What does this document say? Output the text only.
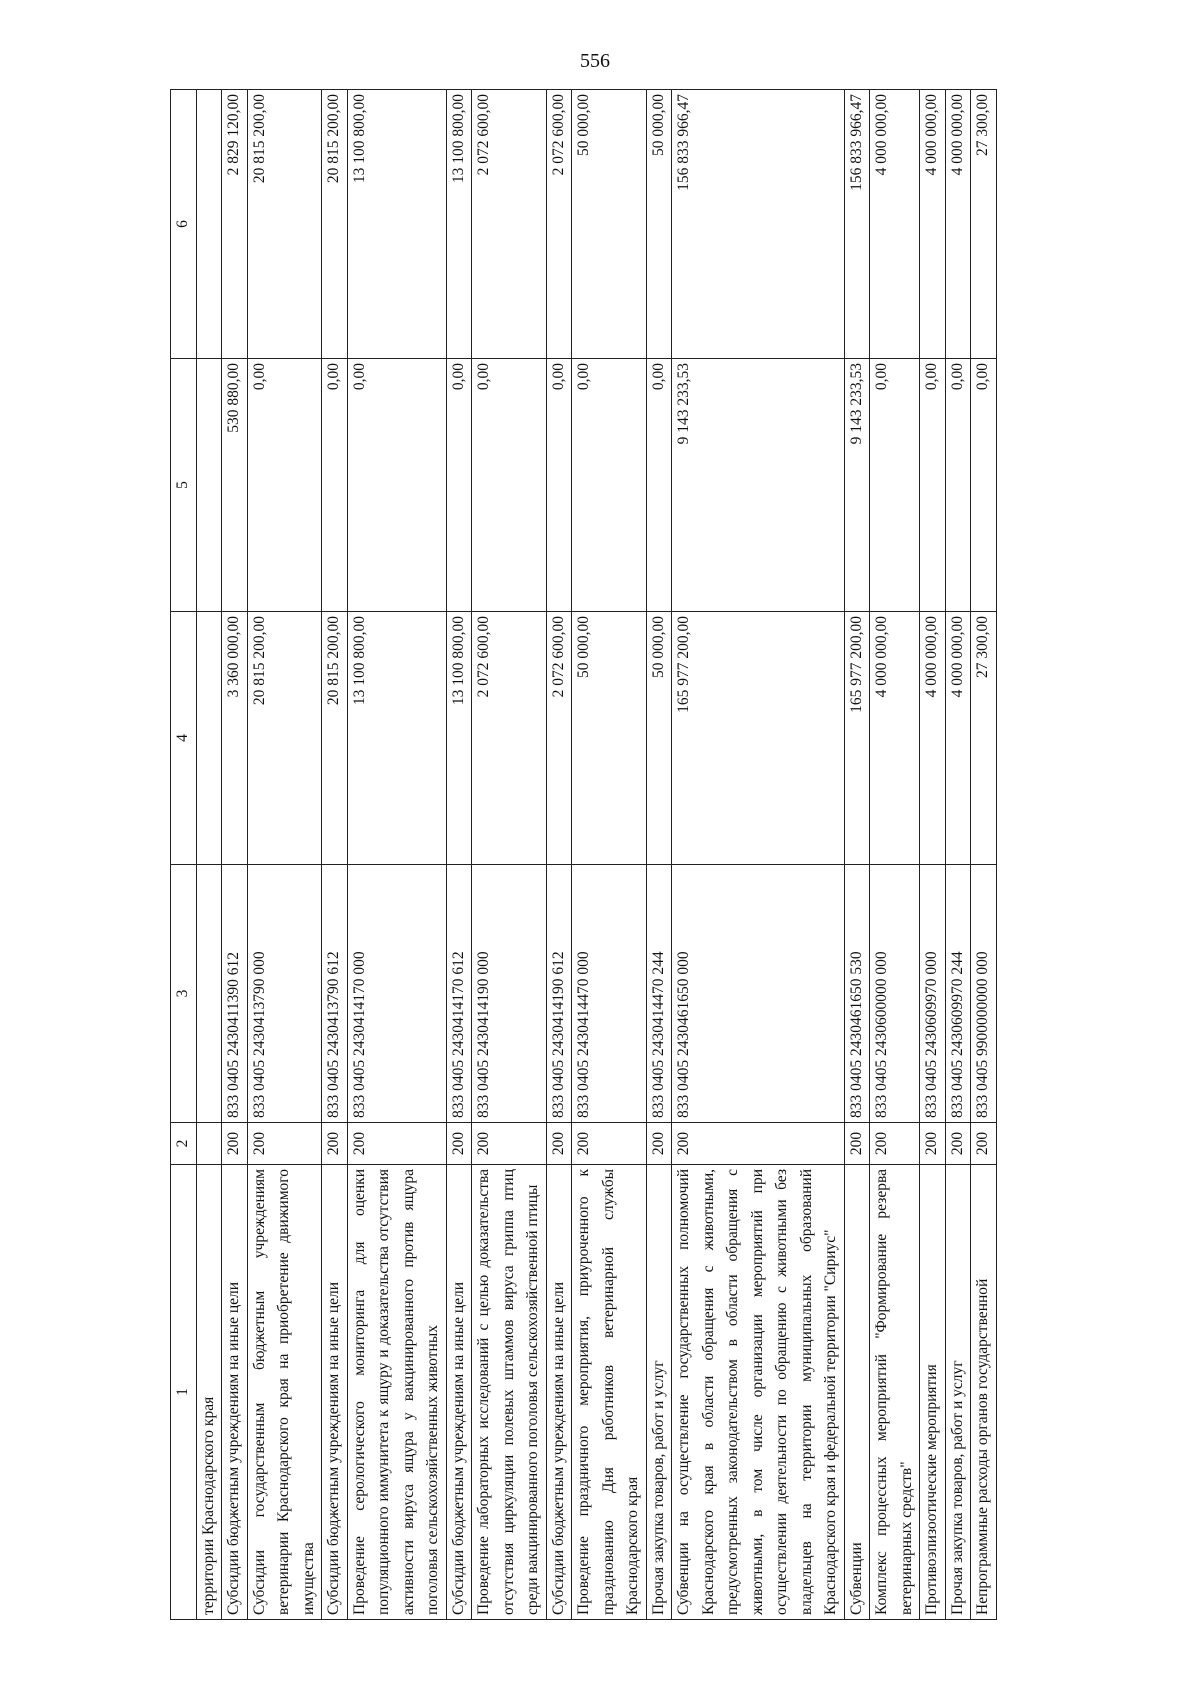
556
1	2	3	4	5	6
территории Краснодарского края					
Субсидии бюджетным учреждениям на иные цели	200	833 0405 2430411390 612	3 360 000,00	530 880,00	2 829 120,00
Субсидии государственным бюджетным учреждениям ветеринарии Краснодарского края на приобретение движимого имущества	200	833 0405 2430413790 000	20 815 200,00	0,00	20 815 200,00
Субсидии бюджетным учреждениям на иные цели	200	833 0405 2430413790 612	20 815 200,00	0,00	20 815 200,00
Проведение серологического мониторинга для оценки популяционного иммунитета к ящуру и доказательства отсутствия активности вируса ящура у вакцинированного против ящура поголовья сельскохозяйственных животных	200	833 0405 2430414170 000	13 100 800,00	0,00	13 100 800,00
Субсидии бюджетным учреждениям на иные цели	200	833 0405 2430414170 612	13 100 800,00	0,00	13 100 800,00
Проведение лабораторных исследований с целью доказательства отсутствия циркуляции полевых штаммов вируса гриппа птиц среди вакцинированного поголовья сельскохозяйственной птицы	200	833 0405 2430414190 000	2 072 600,00	0,00	2 072 600,00
Субсидии бюджетным учреждениям на иные цели	200	833 0405 2430414190 612	2 072 600,00	0,00	2 072 600,00
Проведение праздничного мероприятия, приуроченного к празднованию Дня работников ветеринарной службы Краснодарского края	200	833 0405 2430414470 000	50 000,00	0,00	50 000,00
Прочая закупка товаров, работ и услуг	200	833 0405 2430414470 244	50 000,00	0,00	50 000,00
Субвенции на осуществление государственных полномочий Краснодарского края в области обращения с животными, предусмотренных законодательством в области обращения с животными, в том числе организации мероприятий при осуществлении деятельности по обращению с животными без владельцев на территории муниципальных образований Краснодарского края и федеральной территории "Сириус"	200	833 0405 2430461650 000	165 977 200,00	9 143 233,53	156 833 966,47
Субвенции	200	833 0405 2430461650 530	165 977 200,00	9 143 233,53	156 833 966,47
Комплекс процессных мероприятий "Формирование резерва ветеринарных средств"	200	833 0405 2430600000 000	4 000 000,00	0,00	4 000 000,00
Противоэпизоотические мероприятия	200	833 0405 2430609970 000	4 000 000,00	0,00	4 000 000,00
Прочая закупка товаров, работ и услуг	200	833 0405 2430609970 244	4 000 000,00	0,00	4 000 000,00
Непрограммные расходы органов государственной	200	833 0405 9900000000 000	27 300,00	0,00	27 300,00
